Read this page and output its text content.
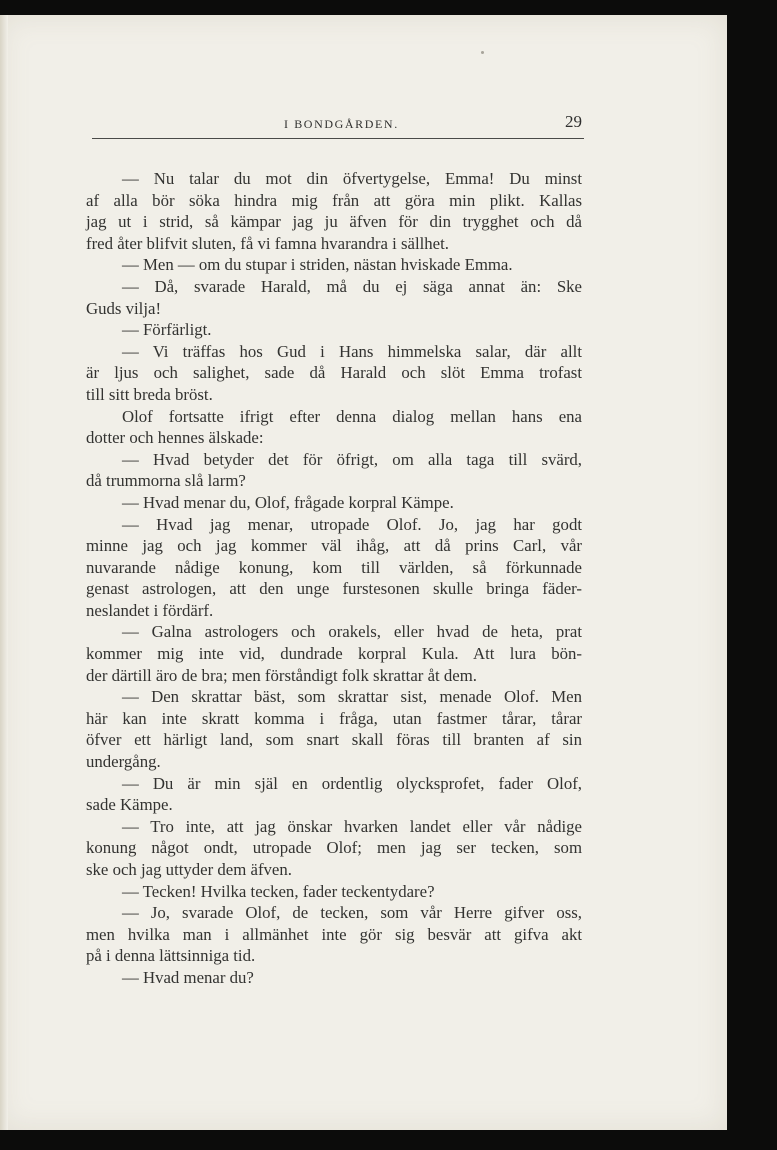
I BONDGÅRDEN.	29
— Nu talar du mot din öfvertygelse, Emma! Du minst
af alla bör söka hindra mig från att göra min plikt. Kallas
jag ut i strid, så kämpar jag ju äfven för din trygghet och då
fred åter blifvit sluten, få vi famna hvarandra i sällhet.
— Men — om du stupar i striden, nästan hviskade Emma.
— Då, svarade Harald, må du ej säga annat än: Ske
Guds vilja!
— Förfärligt.
— Vi träffas hos Gud i Hans himmelska salar, där allt
är ljus och salighet, sade då Harald och slöt Emma trofast
till sitt breda bröst.
Olof fortsatte ifrigt efter denna dialog mellan hans ena
dotter och hennes älskade:
— Hvad betyder det för öfrigt, om alla taga till svärd,
då trummorna slå larm?
— Hvad menar du, Olof, frågade korpral Kämpe.
— Hvad jag menar, utropade Olof. Jo, jag har godt
minne jag och jag kommer väl ihåg, att då prins Carl, vår
nuvarande nådige konung, kom till världen, så förkunnade
genast astrologen, att den unge furstesonen skulle bringa fäder-
neslandet i fördärf.
— Galna astrologers och orakels, eller hvad de heta, prat
kommer mig inte vid, dundrade korpral Kula. Att lura bön-
der därtill äro de bra; men förståndigt folk skrattar åt dem.
— Den skrattar bäst, som skrattar sist, menade Olof. Men
här kan inte skratt komma i fråga, utan fastmer tårar, tårar
öfver ett härligt land, som snart skall föras till branten af sin
undergång.
— Du är min själ en ordentlig olycksprofet, fader Olof,
sade Kämpe.
— Tro inte, att jag önskar hvarken landet eller vår nådige
konung något ondt, utropade Olof; men jag ser tecken, som
ske och jag uttyder dem äfven.
— Tecken! Hvilka tecken, fader teckentydare?
— Jo, svarade Olof, de tecken, som vår Herre gifver oss,
men hvilka man i allmänhet inte gör sig besvär att gifva akt
på i denna lättsinniga tid.
— Hvad menar du?
